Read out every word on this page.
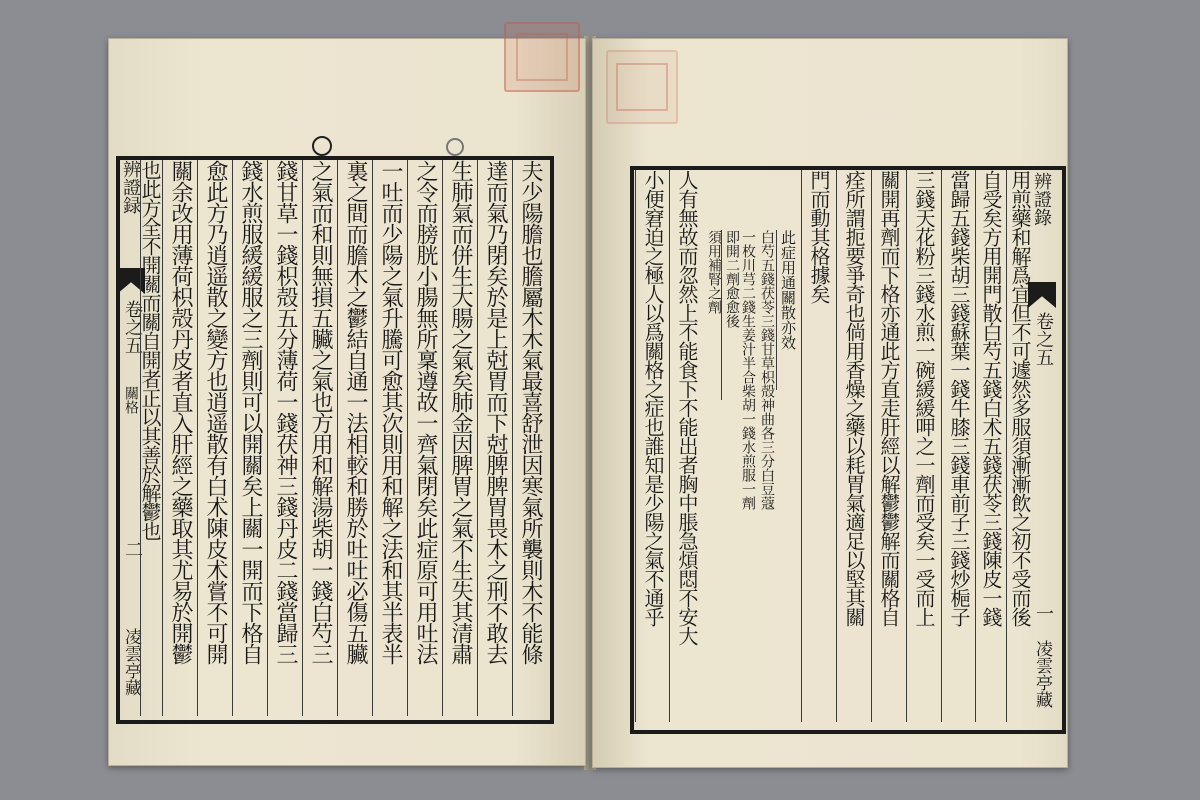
辨證録
卷之五
關格
二
凌雲亭藏	夫少陽膽也膽屬木木氣最喜舒泄因寒氣所襲則木不能條
達而氣乃閉矣於是上尅胃而下尅脾脾胃畏木之刑不敢去
生肺氣而併生大腸之氣矣肺金因脾胃之氣不生失其清肅
之令而膀胱小腸無所稟遵故一齊氣閉矣此症原可用吐法
一吐而少陽之氣升騰可愈其次則用和解之法和其半表半
裏之間而膽木之鬱結自通一法相較和勝於吐吐必傷五臟
之氣而和則無損五臟之氣也方用和解湯柴胡一錢白芍三
錢甘草一錢枳殻五分薄荷一錢茯神三錢丹皮二錢當歸三
錢水煎服緩緩服之三劑則可以開關矣上關一開而下格自
愈此方乃逍遥散之變方也逍遥散有白术陳皮术嘗不可開
關余改用薄荷枳殻丹皮者直入肝經之藥取其尤易於開鬱
也此方全不開關而關自開者正以其善於解鬱也	辨證錄
卷之五
一
凌雲亭藏
用煎藥和解爲宜但不可遽然多服須漸漸飲之初不受而後
自受矣方用開門散白芍五錢白术五錢茯苓三錢陳皮一錢
當歸五錢柴胡三錢蘇葉一錢牛膝三錢車前子三錢炒梔子
三錢天花粉三錢水煎一碗緩緩呷之一劑而受矣一受而上
關開再劑而下格亦通此方直走肝經以解鬱鬱解而關格自
痊所謂扼要爭奇也倘用香燥之藥以耗胃氣適足以堅其關
門而動其格據矣
此症用通關散亦效
白芍五錢茯苓三錢甘草枳殻神曲各三分白豆蔻
一枚川芎二錢生姜汁半合柴胡一錢水煎服一劑
即開二劑愈愈後
須用補腎之劑
人有無故而忽然上不能食下不能出者胸中脹急煩悶不安大
小便窘迫之極人以爲關格之症也誰知是少陽之氣不通乎
